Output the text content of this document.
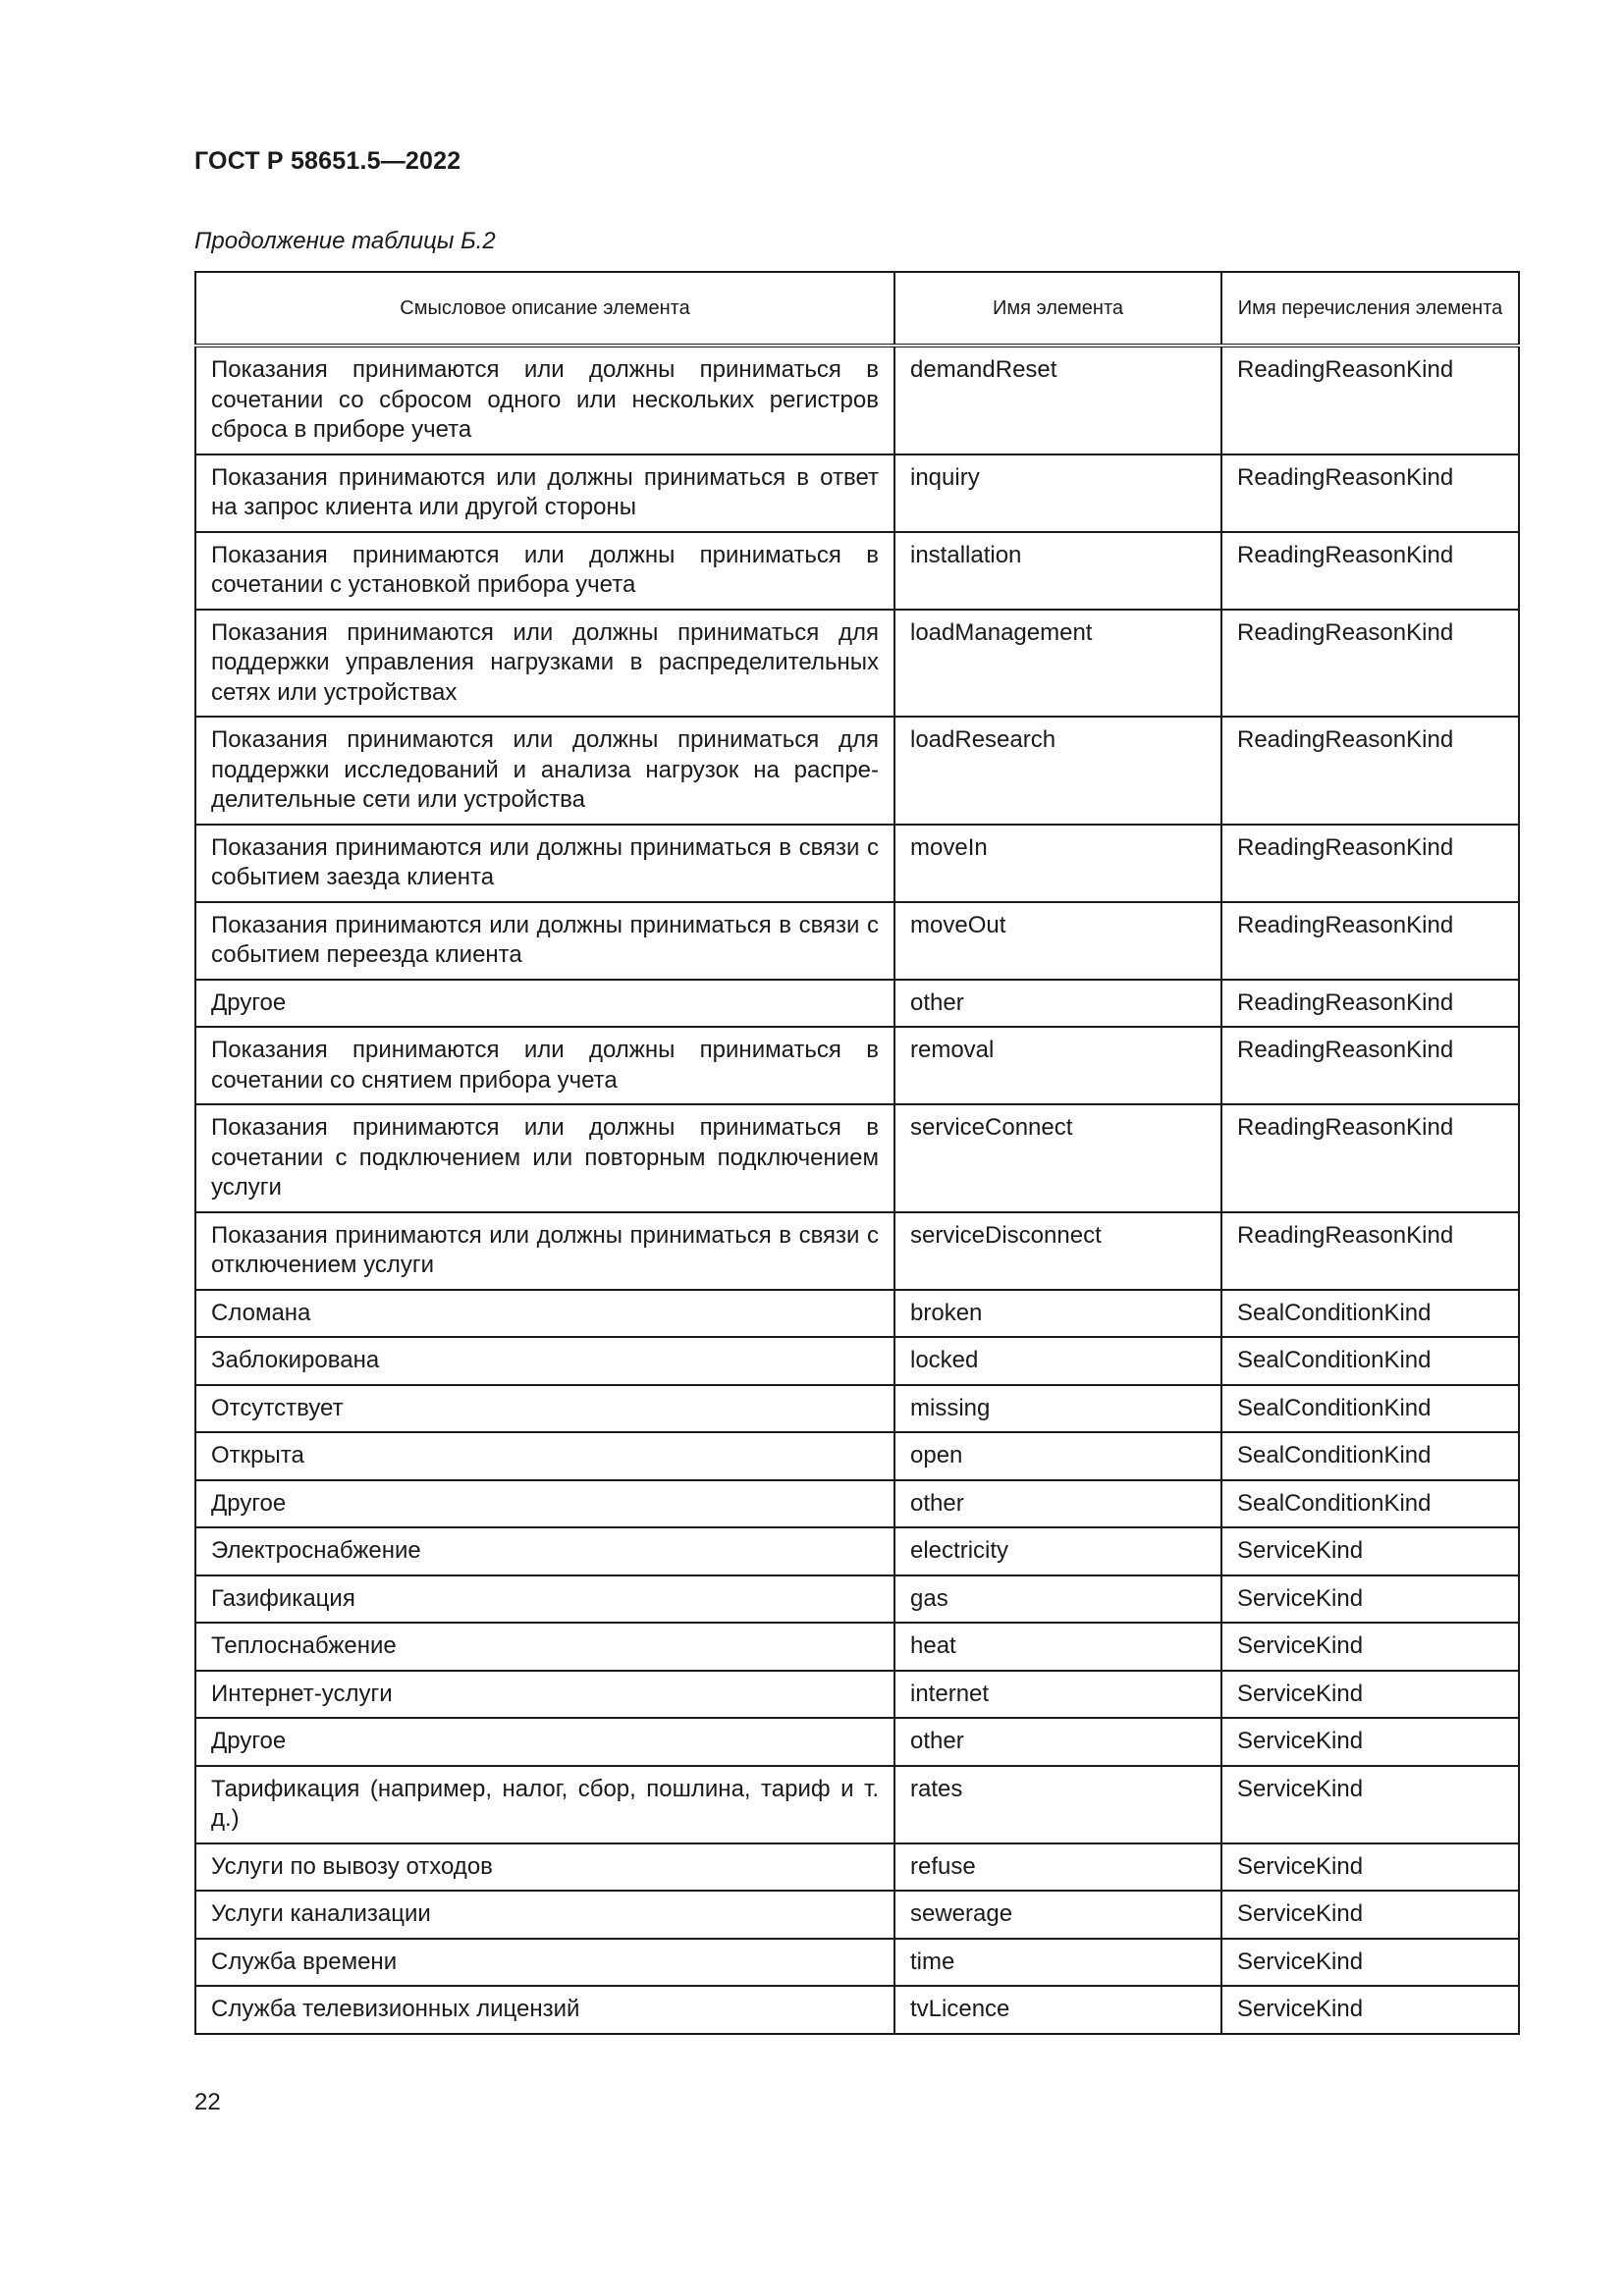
ГОСТ Р 58651.5—2022
Продолжение таблицы Б.2
Смысловое описание элемента	Имя элемента	Имя перечисления элемента
Показания принимаются или должны приниматься в сочетании со сбросом одного или нескольких регистров сброса в приборе учета	demandReset	ReadingReasonKind
Показания принимаются или должны приниматься в ответ на запрос клиента или другой стороны	inquiry	ReadingReasonKind
Показания принимаются или должны приниматься в сочетании с установкой прибора учета	installation	ReadingReasonKind
Показания принимаются или должны приниматься для поддержки управления нагрузками в распределительных сетях или устройствах	loadManagement	ReadingReasonKind
Показания принимаются или должны приниматься для поддержки исследований и анализа нагрузок на распре-делительные сети или устройства	loadResearch	ReadingReasonKind
Показания принимаются или должны приниматься в связи с событием заезда клиента	moveIn	ReadingReasonKind
Показания принимаются или должны приниматься в связи с событием переезда клиента	moveOut	ReadingReasonKind
Другое	other	ReadingReasonKind
Показания принимаются или должны приниматься в сочетании со снятием прибора учета	removal	ReadingReasonKind
Показания принимаются или должны приниматься в сочетании с подключением или повторным подключением услуги	serviceConnect	ReadingReasonKind
Показания принимаются или должны приниматься в связи с отключением услуги	serviceDisconnect	ReadingReasonKind
Сломана	broken	SealConditionKind
Заблокирована	locked	SealConditionKind
Отсутствует	missing	SealConditionKind
Открыта	open	SealConditionKind
Другое	other	SealConditionKind
Электроснабжение	electricity	ServiceKind
Газификация	gas	ServiceKind
Теплоснабжение	heat	ServiceKind
Интернет-услуги	internet	ServiceKind
Другое	other	ServiceKind
Тарификация (например, налог, сбор, пошлина, тариф и т. д.)	rates	ServiceKind
Услуги по вывозу отходов	refuse	ServiceKind
Услуги канализации	sewerage	ServiceKind
Служба времени	time	ServiceKind
Служба телевизионных лицензий	tvLicence	ServiceKind
22
